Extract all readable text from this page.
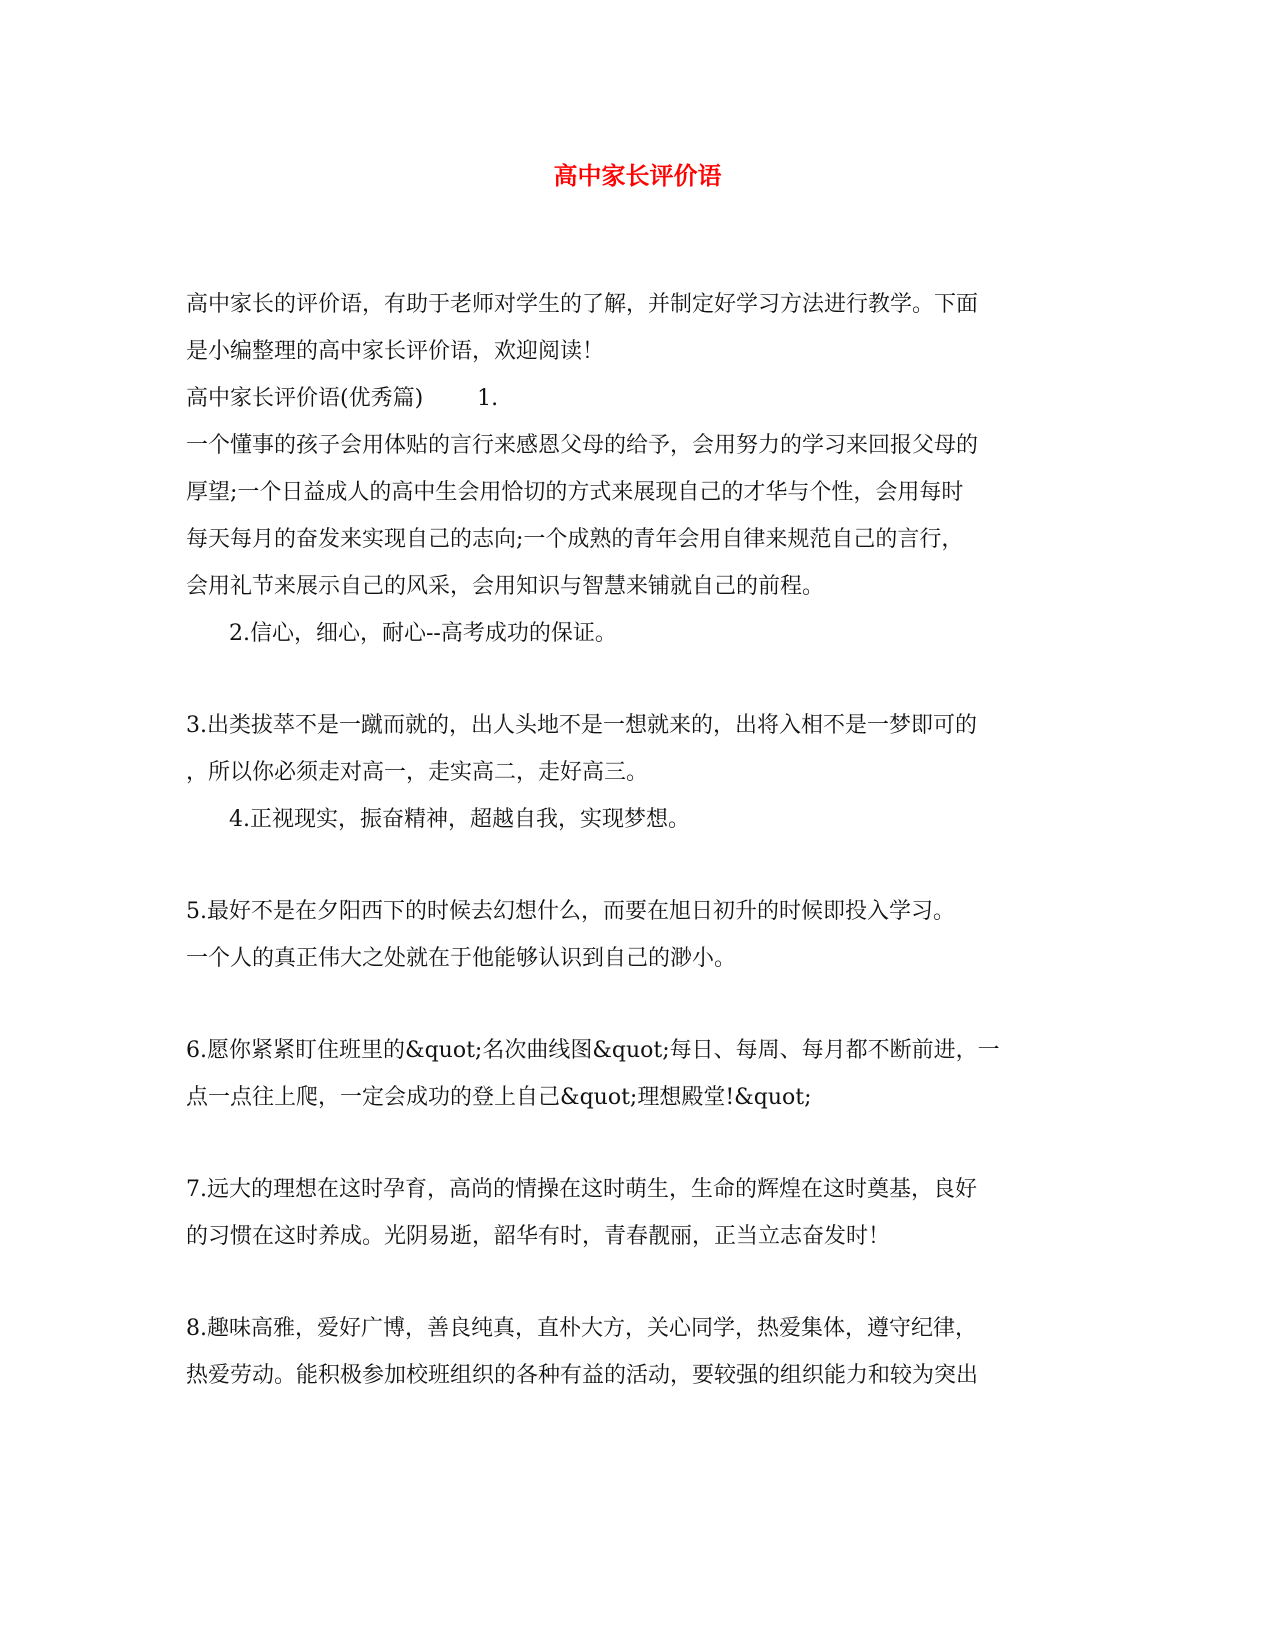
高中家长评价语
高中家长的评价语，有助于老师对学生的了解，并制定好学习方法进行教学。下面
是小编整理的高中家长评价语，欢迎阅读！
高中家长评价语(优秀篇) 1.
一个懂事的孩子会用体贴的言行来感恩父母的给予，会用努力的学习来回报父母的
厚望;一个日益成人的高中生会用恰切的方式来展现自己的才华与个性，会用每时
每天每月的奋发来实现自己的志向;一个成熟的青年会用自律来规范自己的言行，
会用礼节来展示自己的风采，会用知识与智慧来铺就自己的前程。
2.信心，细心，耐心--高考成功的保证。
3.出类拔萃不是一蹴而就的，出人头地不是一想就来的，出将入相不是一梦即可的
，所以你必须走对高一，走实高二，走好高三。
4.正视现实，振奋精神，超越自我，实现梦想。
5.最好不是在夕阳西下的时候去幻想什么，而要在旭日初升的时候即投入学习。
一个人的真正伟大之处就在于他能够认识到自己的渺小。
6.愿你紧紧盯住班里的&quot;名次曲线图&quot;每日、每周、每月都不断前进，一
点一点往上爬，一定会成功的登上自己&quot;理想殿堂!&quot;
7.远大的理想在这时孕育，高尚的情操在这时萌生，生命的辉煌在这时奠基，良好
的习惯在这时养成。光阴易逝，韶华有时，青春靓丽，正当立志奋发时！
8.趣味高雅，爱好广博，善良纯真，直朴大方，关心同学，热爱集体，遵守纪律，
热爱劳动。能积极参加校班组织的各种有益的活动，要较强的组织能力和较为突出
